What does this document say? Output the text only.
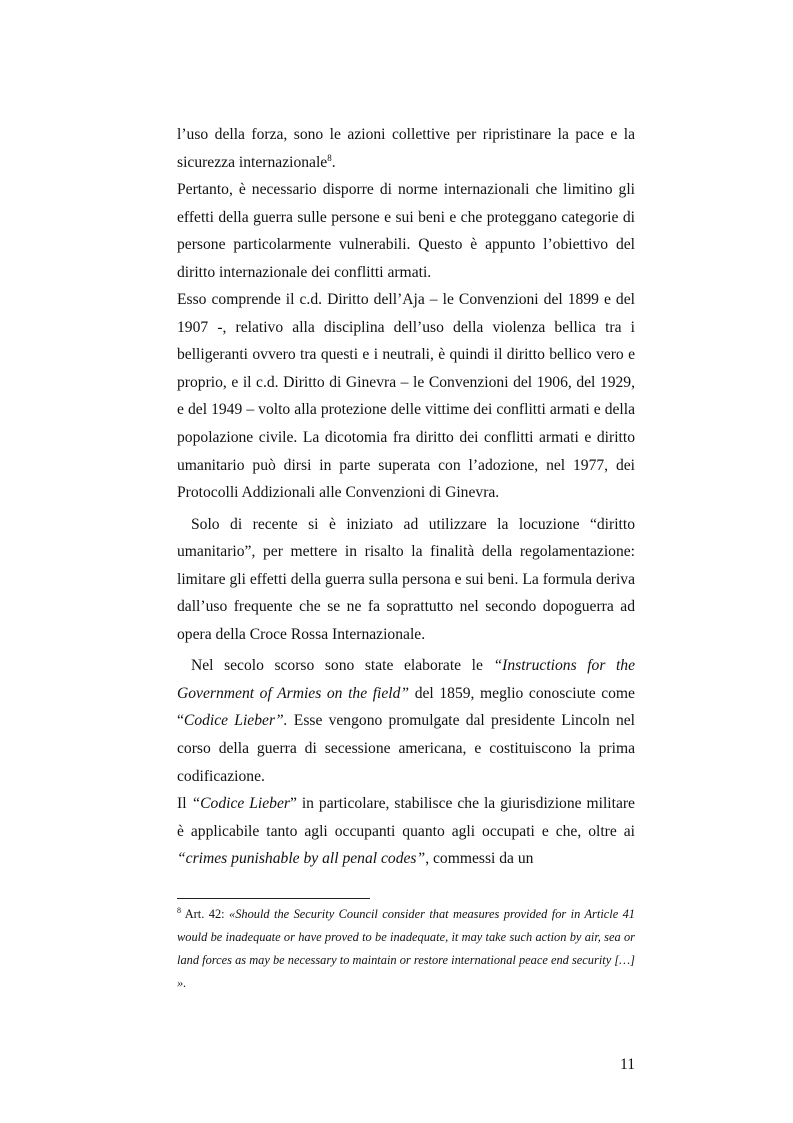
l’uso della forza, sono le azioni collettive per ripristinare la pace e la sicurezza internazionale$^8$.

Pertanto, è necessario disporre di norme internazionali che limitino gli effetti della guerra sulle persone e sui beni e che proteggano categorie di persone particolarmente vulnerabili. Questo è appunto l’obiettivo del diritto internazionale dei conflitti armati.

Esso comprende il c.d. Diritto dell’Aja – le Convenzioni del 1899 e del 1907 -, relativo alla disciplina dell’uso della violenza bellica tra i belligeranti ovvero tra questi e i neutrali, è quindi il diritto bellico vero e proprio, e il c.d. Diritto di Ginevra – le Convenzioni del 1906, del 1929, e del 1949 – volto alla protezione delle vittime dei conflitti armati e della popolazione civile. La dicotomia fra diritto dei conflitti armati e diritto umanitario può dirsi in parte superata con l’adozione, nel 1977, dei Protocolli Addizionali alle Convenzioni di Ginevra.

Solo di recente si è iniziato ad utilizzare la locuzione “diritto umanitario”, per mettere in risalto la finalità della regolamentazione: limitare gli effetti della guerra sulla persona e sui beni. La formula deriva dall’uso frequente che se ne fa soprattutto nel secondo dopoguerra ad opera della Croce Rossa Internazionale.

Nel secolo scorso sono state elaborate le “Instructions for the Government of Armies on the field” del 1859, meglio conosciute come “Codice Lieber”. Esse vengono promulgate dal presidente Lincoln nel corso della guerra di secessione americana, e costituiscono la prima codificazione.

Il “Codice Lieber” in particolare, stabilisce che la giurisdizione militare è applicabile tanto agli occupanti quanto agli occupati e che, oltre ai “crimes punishable by all penal codes”, commessi da un

$^8$ Art. 42: «Should the Security Council consider that measures provided for in Article 41 would be inadequate or have proved to be inadequate, it may take such action by air, sea or land forces as may be necessary to maintain or restore international peace end security […] ».

11
